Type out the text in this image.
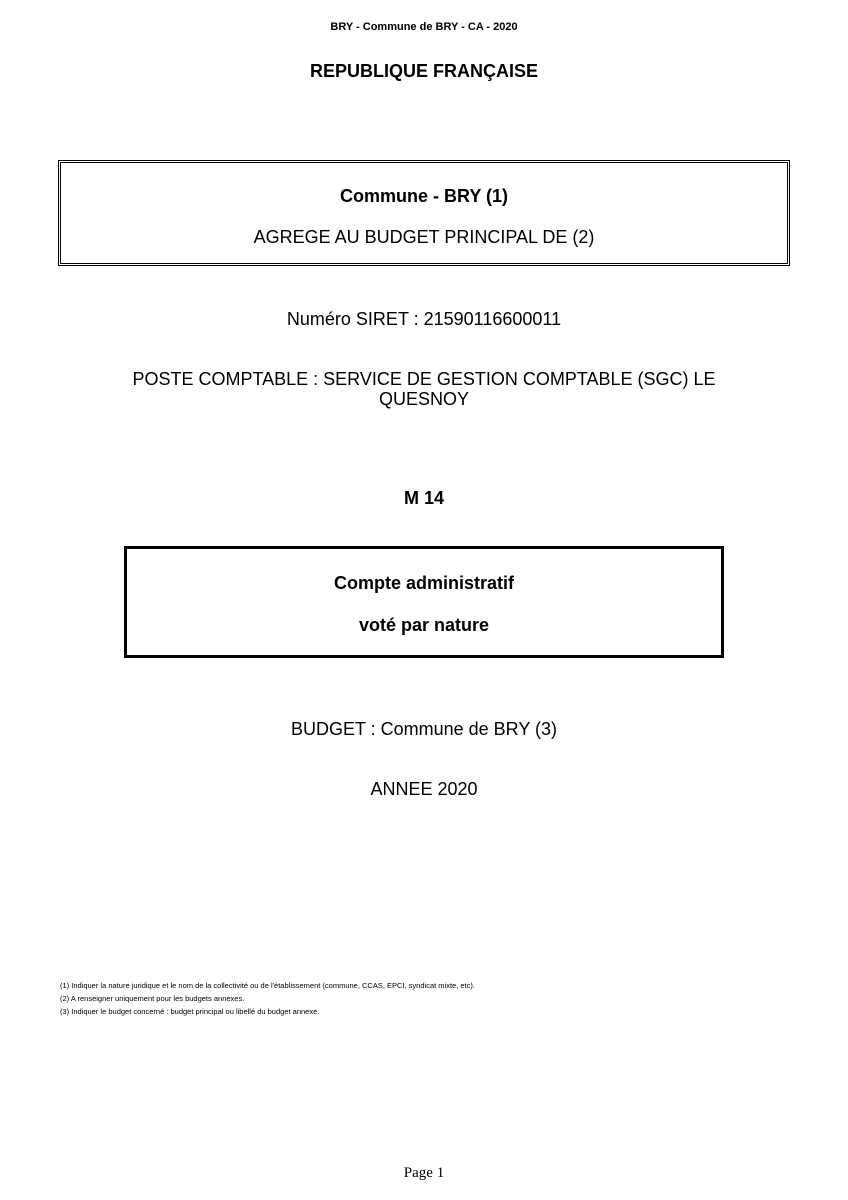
BRY - Commune de BRY - CA - 2020
REPUBLIQUE FRANÇAISE
Commune - BRY (1)
AGREGE AU BUDGET PRINCIPAL DE (2)
Numéro SIRET : 21590116600011
POSTE COMPTABLE : SERVICE DE GESTION COMPTABLE (SGC) LE
QUESNOY
M 14
Compte administratif
voté par nature
BUDGET : Commune de BRY (3)
ANNEE 2020
(1) Indiquer la nature juridique et le nom de la collectivité ou de l'établissement (commune, CCAS, EPCI, syndicat mixte, etc).
(2) A renseigner uniquement pour les budgets annexes.
(3) Indiquer le budget concerné : budget principal ou libellé du budget annexe.
Page 1
